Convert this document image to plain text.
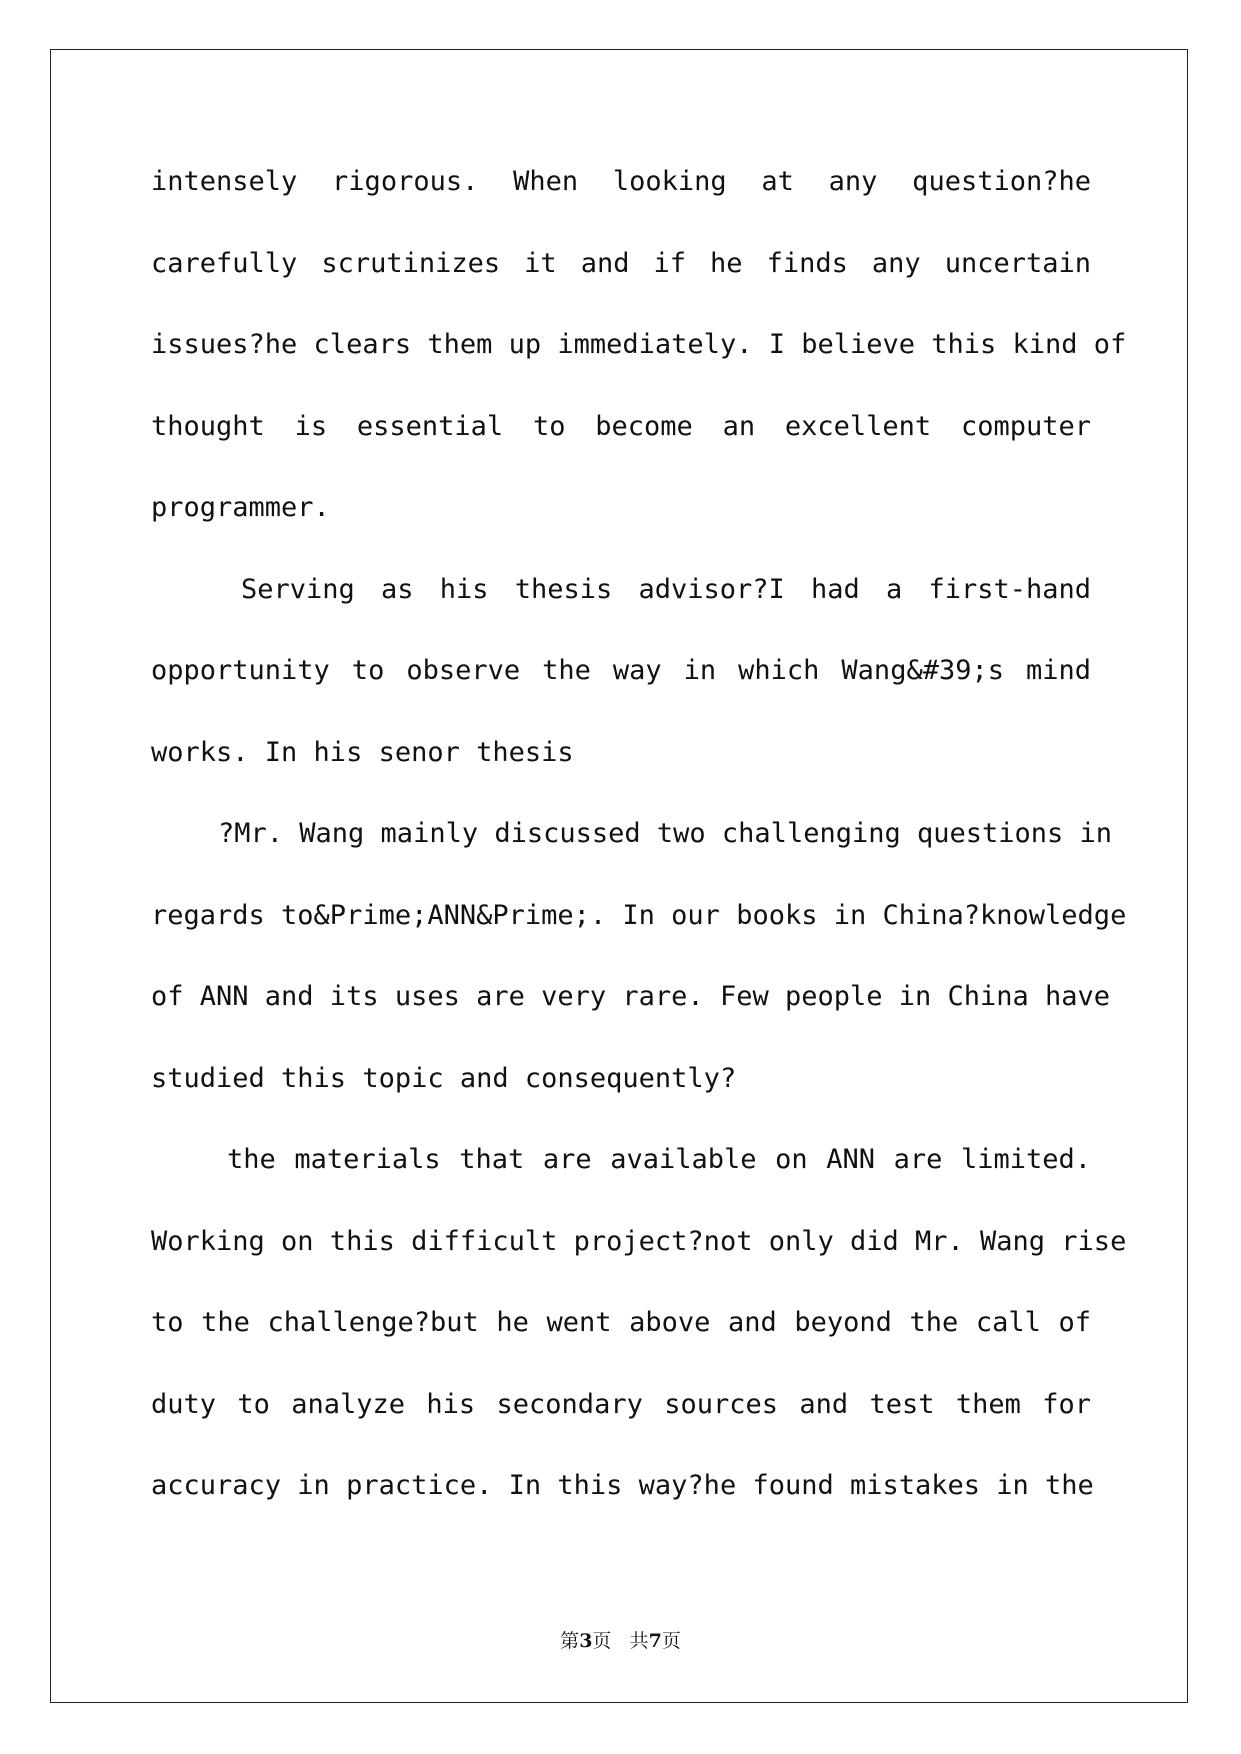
intensely rigorous. When looking at any question?he
carefully scrutinizes it and if he finds any uncertain
issues?he clears them up immediately. I believe this kind of
thought is essential to become an excellent computer
programmer.
Serving as his thesis advisor?I had a first-hand
opportunity to observe the way in which Wang&#39;s mind
works. In his senor thesis
?Mr. Wang mainly discussed two challenging questions in
regards to&Prime;ANN&Prime;. In our books in China?knowledge
of ANN and its uses are very rare. Few people in China have
studied this topic and consequently?
the materials that are available on ANN are limited.
Working on this difficult project?not only did Mr. Wang rise
to the challenge?but he went above and beyond the call of
duty to analyze his secondary sources and test them for
accuracy in practice. In this way?he found mistakes in the
第3页 共7页
